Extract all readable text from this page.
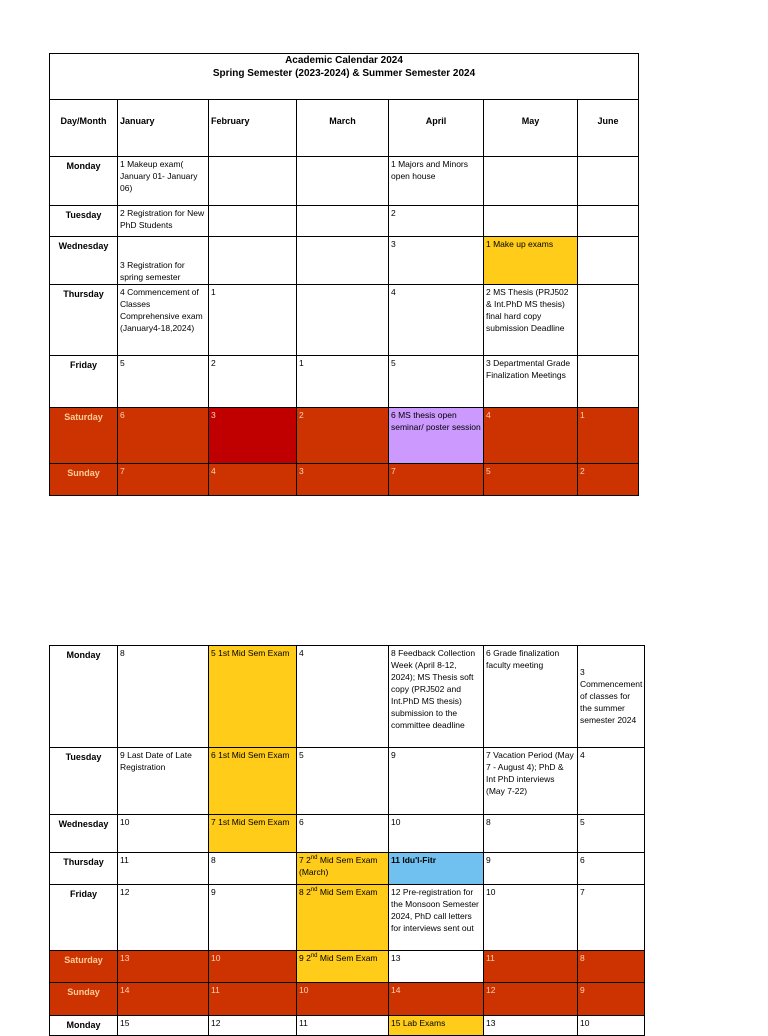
Academic Calendar 2024
Spring Semester (2023-2024) & Summer Semester 2024						

Day/Month	January	February	March	April	May	June
Monday	1 Makeup exam( January 01- January 06)			1 Majors and Minors open house		
Tuesday	2 Registration for New PhD Students			2		
Wednesday	3 Registration for spring semester			3	1 Make up exams	
Thursday	4 Commencement of Classes Comprehensive exam (January4-18,2024)	1		4	2 MS Thesis (PRJ502 & Int.PhD MS thesis) final hard copy submission Deadline	
Friday	5	2	1	5	3 Departmental Grade Finalization Meetings	
Saturday	6	3	2	6 MS thesis open seminar/ poster session	4	1
Sunday	7	4	3	7	5	2
Monday	8	5 1st Mid Sem Exam	4	8 Feedback Collection Week (April 8-12, 2024); MS Thesis soft copy (PRJ502 and Int.PhD MS thesis) submission to the committee deadline	6 Grade finalization faculty meeting	3 Commencement of classes for the summer semester 2024
Tuesday	9 Last Date of Late Registration	6 1st Mid Sem Exam	5	9	7 Vacation Period (May 7 - August 4); PhD & Int PhD interviews (May 7-22)	4
Wednesday	10	7 1st Mid Sem Exam	6	10	8	5
Thursday	11	8	7 2nd Mid Sem Exam (March)	11 Idu'l-Fitr	9	6
Friday	12	9	8 2nd Mid Sem Exam	12 Pre-registration for the Monsoon Semester 2024, PhD call letters for interviews sent out	10	7
Saturday	13	10	9 2nd Mid Sem Exam	13	11	8
Sunday	14	11	10	14	12	9
Monday	15	12	11	15 Lab Exams	13	10
